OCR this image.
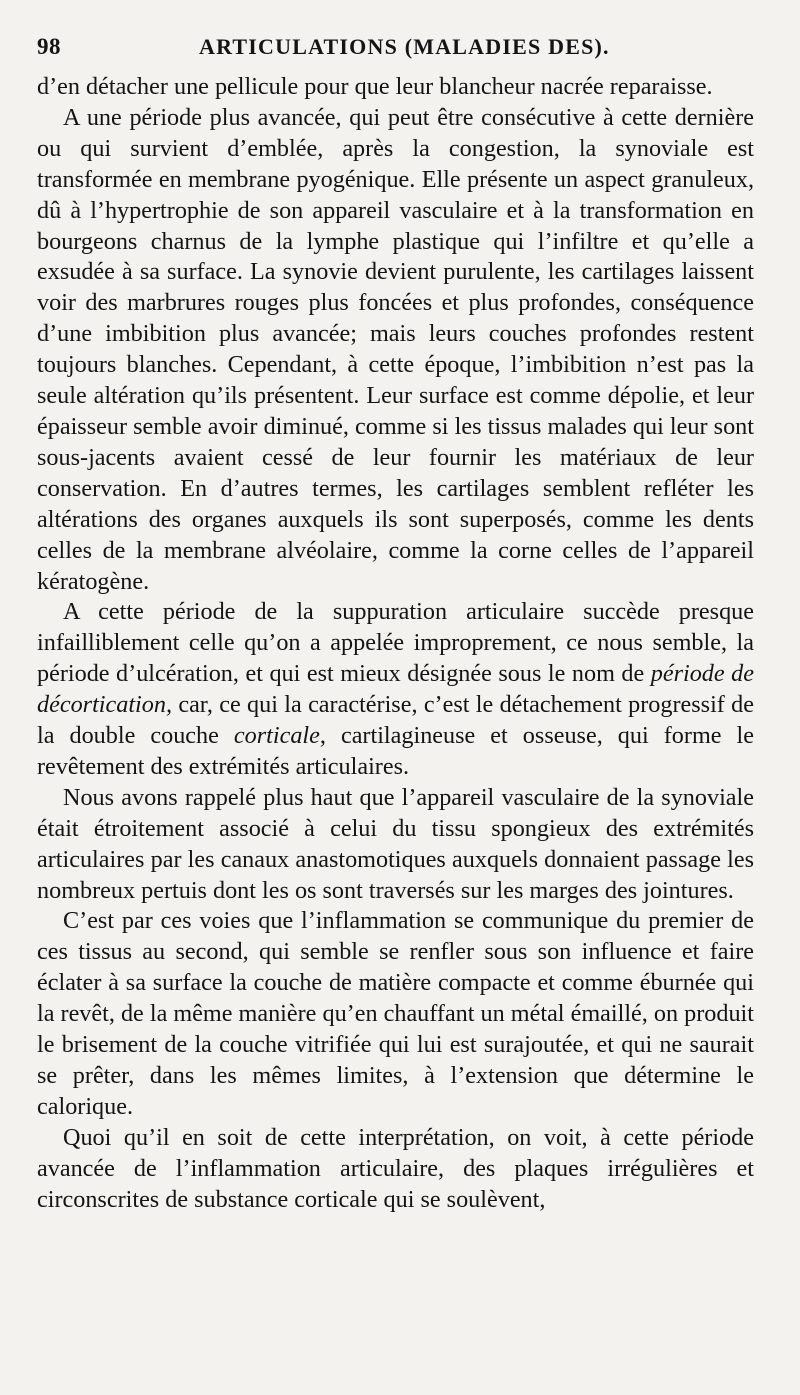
98	ARTICULATIONS (MALADIES DES).

d’en détacher une pellicule pour que leur blancheur nacrée reparaisse.

A une période plus avancée, qui peut être consécutive à cette dernière ou qui survient d’emblée, après la congestion, la synoviale est transformée en membrane pyogénique. Elle présente un aspect granuleux, dû à l’hypertrophie de son appareil vasculaire et à la transformation en bourgeons charnus de la lymphe plastique qui l’infiltre et qu’elle a exsudée à sa surface. La synovie devient purulente, les cartilages laissent voir des marbrures rouges plus foncées et plus profondes, conséquence d’une imbibition plus avancée; mais leurs couches profondes restent toujours blanches. Cependant, à cette époque, l’imbibition n’est pas la seule altération qu’ils présentent. Leur surface est comme dépolie, et leur épaisseur semble avoir diminué, comme si les tissus malades qui leur sont sous-jacents avaient cessé de leur fournir les matériaux de leur conservation. En d’autres termes, les cartilages semblent refléter les altérations des organes auxquels ils sont superposés, comme les dents celles de la membrane alvéolaire, comme la corne celles de l’appareil kératogène.

A cette période de la suppuration articulaire succède presque infailliblement celle qu’on a appelée improprement, ce nous semble, la période d’ulcération, et qui est mieux désignée sous le nom de période de décortication, car, ce qui la caractérise, c’est le détachement progressif de la double couche corticale, cartilagineuse et osseuse, qui forme le revêtement des extrémités articulaires.

Nous avons rappelé plus haut que l’appareil vasculaire de la synoviale était étroitement associé à celui du tissu spongieux des extrémités articulaires par les canaux anastomotiques auxquels donnaient passage les nombreux pertuis dont les os sont traversés sur les marges des jointures.

C’est par ces voies que l’inflammation se communique du premier de ces tissus au second, qui semble se renfler sous son influence et faire éclater à sa surface la couche de matière compacte et comme éburnée qui la revêt, de la même manière qu’en chauffant un métal émaillé, on produit le brisement de la couche vitrifiée qui lui est surajoutée, et qui ne saurait se prêter, dans les mêmes limites, à l’extension que détermine le calorique.

Quoi qu’il en soit de cette interprétation, on voit, à cette période avancée de l’inflammation articulaire, des plaques irrégulières et circonscrites de substance corticale qui se soulèvent,
